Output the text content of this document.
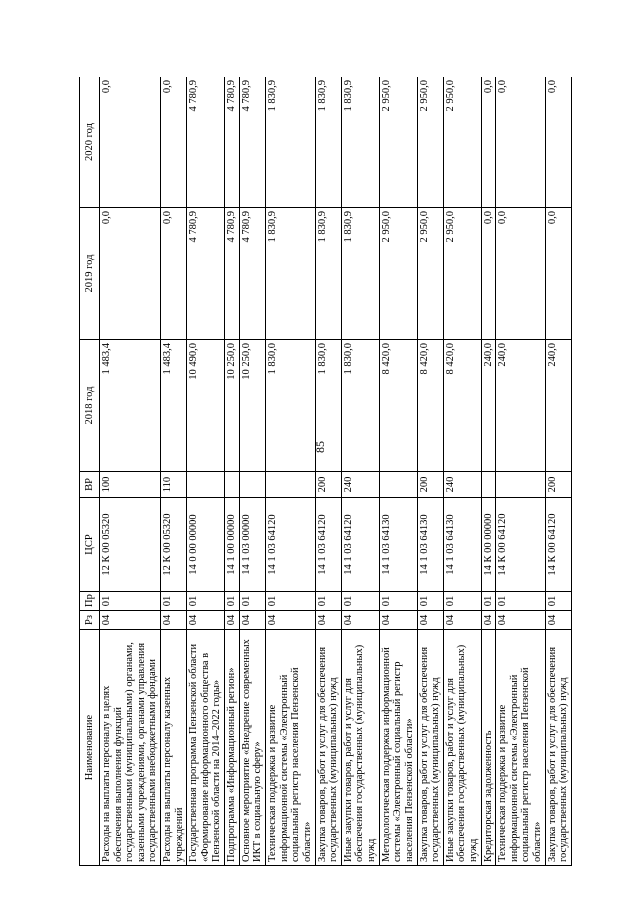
85
Наименование	Рз	Пр	ЦСР	ВР	2018 год	2019 год	2020 год
Расходы на выплаты персоналу в целях обеспечения выполнения функций государственными (муниципальными) органами, казенными учреждениями, органами управления государственными внебюджетными фондами	04	01	12 К 00 05320	100	1 483,4	0,0	0,0
Расходы на выплаты персоналу казенных учреждений	04	01	12 К 00 05320	110	1 483,4	0,0	0,0
Государственная программа Пензенской области «Формирование информационного общества в Пензенской области на 2014–2022 годы»	04	01	14 0 00 00000		10 490,0	4 780,9	4 780,9
Подпрограмма «Информационный регион»	04	01	14 1 00 00000		10 250,0	4 780,9	4 780,9
Основное мероприятие «Внедрение современных ИКТ в социальную сферу»	04	01	14 1 03 00000		10 250,0	4 780,9	4 780,9
Техническая поддержка и развитие информационной системы «Электронный социальный регистр населения Пензенской области»	04	01	14 1 03 64120		1 830,0	1 830,9	1 830,9
Закупка товаров, работ и услуг для обеспечения государственных (муниципальных) нужд	04	01	14 1 03 64120	200	1 830,0	1 830,9	1 830,9
Иные закупки товаров, работ и услуг для обеспечения государственных (муниципальных) нужд	04	01	14 1 03 64120	240	1 830,0	1 830,9	1 830,9
Методологическая поддержка информационной системы «Электронный социальный регистр населения Пензенской области»	04	01	14 1 03 64130		8 420,0	2 950,0	2 950,0
Закупка товаров, работ и услуг для обеспечения государственных (муниципальных) нужд	04	01	14 1 03 64130	200	8 420,0	2 950,0	2 950,0
Иные закупки товаров, работ и услуг для обеспечения государственных (муниципальных) нужд	04	01	14 1 03 64130	240	8 420,0	2 950,0	2 950,0
Кредиторская задолженность	04	01	14 К 00 00000		240,0	0,0	0,0
Техническая поддержка и развитие информационной системы «Электронный социальный регистр населения Пензенской области»	04	01	14 К 00 64120		240,0	0,0	0,0
Закупка товаров, работ и услуг для обеспечения государственных (муниципальных) нужд	04	01	14 К 00 64120	200	240,0	0,0	0,0
